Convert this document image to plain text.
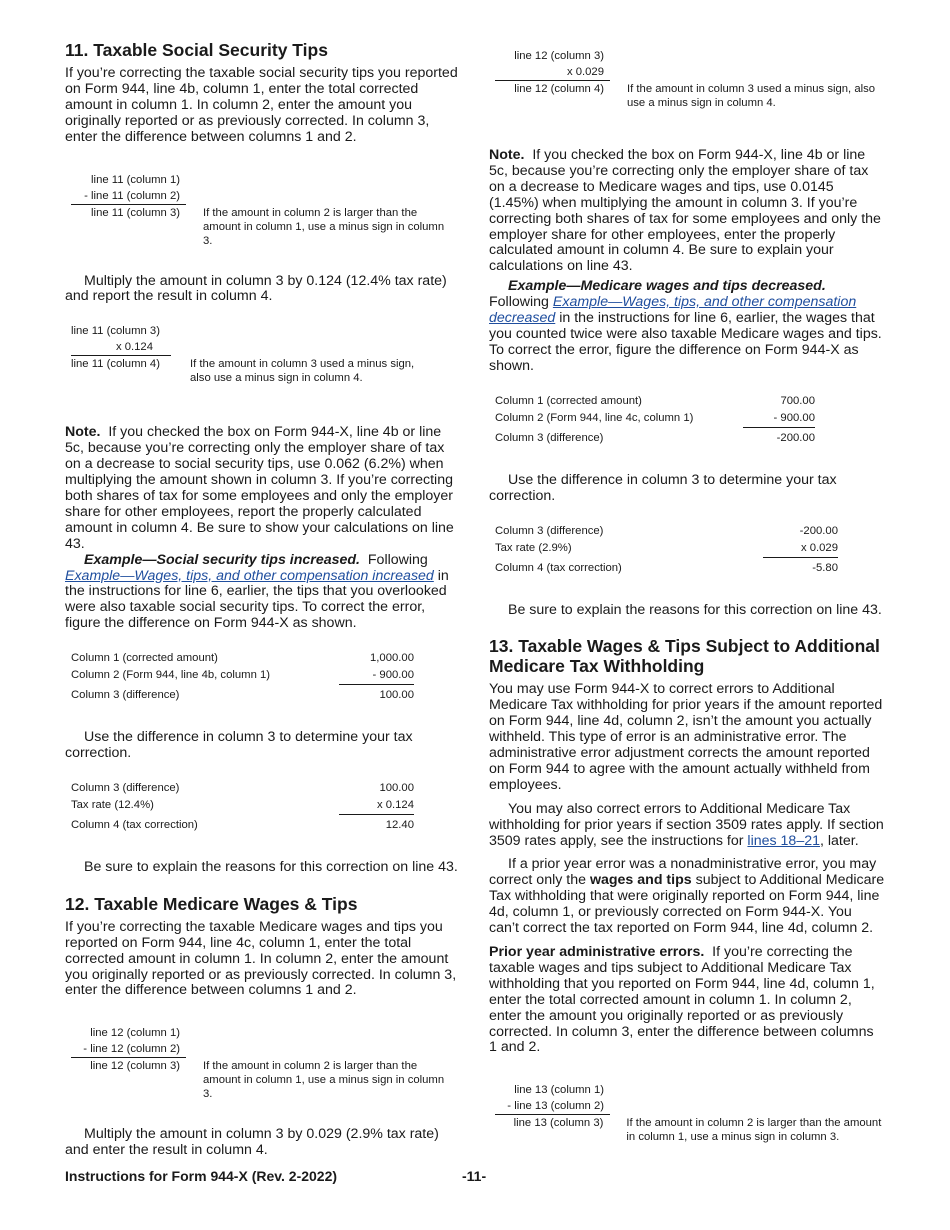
11. Taxable Social Security Tips

If you’re correcting the taxable social security tips you reported on Form 944, line 4b, column 1, enter the total corrected amount in column 1. In column 2, enter the amount you originally reported or as previously corrected. In column 3, enter the difference between columns 1 and 2.

line 11 (column 1)
- line 11 (column 2)
line 11 (column 3)	If the amount in column 2 is larger than the amount in column 1, use a minus sign in column 3.

Multiply the amount in column 3 by 0.124 (12.4% tax rate) and report the result in column 4.

line 11 (column 3)
x 0.124
line 11 (column 4)	If the amount in column 3 used a minus sign, also use a minus sign in column 4.

Note. If you checked the box on Form 944-X, line 4b or line 5c, because you’re correcting only the employer share of tax on a decrease to social security tips, use 0.062 (6.2%) when multiplying the amount shown in column 3. If you’re correcting both shares of tax for some employees and only the employer share for other employees, report the properly calculated amount in column 4. Be sure to show your calculations on line 43.

Example—Social security tips increased. Following Example—Wages, tips, and other compensation increased in the instructions for line 6, earlier, the tips that you overlooked were also taxable social security tips. To correct the error, figure the difference on Form 944-X as shown.

Column 1 (corrected amount)	1,000.00
Column 2 (Form 944, line 4b, column 1)	- 900.00
Column 3 (difference)	100.00

Use the difference in column 3 to determine your tax correction.

Column 3 (difference)	100.00
Tax rate (12.4%)	x 0.124
Column 4 (tax correction)	12.40

Be sure to explain the reasons for this correction on line 43.

12. Taxable Medicare Wages & Tips

If you’re correcting the taxable Medicare wages and tips you reported on Form 944, line 4c, column 1, enter the total corrected amount in column 1. In column 2, enter the amount you originally reported or as previously corrected. In column 3, enter the difference between columns 1 and 2.

line 12 (column 1)
- line 12 (column 2)
line 12 (column 3)	If the amount in column 2 is larger than the amount in column 1, use a minus sign in column 3.

Multiply the amount in column 3 by 0.029 (2.9% tax rate) and enter the result in column 4.

line 12 (column 3)
x 0.029
line 12 (column 4)	If the amount in column 3 used a minus sign, also use a minus sign in column 4.

Note. If you checked the box on Form 944-X, line 4b or line 5c, because you’re correcting only the employer share of tax on a decrease to Medicare wages and tips, use 0.0145 (1.45%) when multiplying the amount in column 3. If you’re correcting both shares of tax for some employees and only the employer share for other employees, enter the properly calculated amount in column 4. Be sure to explain your calculations on line 43.

Example—Medicare wages and tips decreased.
Following Example—Wages, tips, and other compensation decreased in the instructions for line 6, earlier, the wages that you counted twice were also taxable Medicare wages and tips. To correct the error, figure the difference on Form 944-X as shown.

Column 1 (corrected amount)	700.00
Column 2 (Form 944, line 4c, column 1)	- 900.00
Column 3 (difference)	-200.00

Use the difference in column 3 to determine your tax correction.

Column 3 (difference)	-200.00
Tax rate (2.9%)	x 0.029
Column 4 (tax correction)	-5.80

Be sure to explain the reasons for this correction on line 43.

13. Taxable Wages & Tips Subject to Additional Medicare Tax Withholding

You may use Form 944-X to correct errors to Additional Medicare Tax withholding for prior years if the amount reported on Form 944, line 4d, column 2, isn’t the amount you actually withheld. This type of error is an administrative error. The administrative error adjustment corrects the amount reported on Form 944 to agree with the amount actually withheld from employees.

You may also correct errors to Additional Medicare Tax withholding for prior years if section 3509 rates apply. If section 3509 rates apply, see the instructions for lines 18–21, later.

If a prior year error was a nonadministrative error, you may correct only the wages and tips subject to Additional Medicare Tax withholding that were originally reported on Form 944, line 4d, column 1, or previously corrected on Form 944-X. You can’t correct the tax reported on Form 944, line 4d, column 2.

Prior year administrative errors. If you’re correcting the taxable wages and tips subject to Additional Medicare Tax withholding that you reported on Form 944, line 4d, column 1, enter the total corrected amount in column 1. In column 2, enter the amount you originally reported or as previously corrected. In column 3, enter the difference between columns 1 and 2.

line 13 (column 1)
- line 13 (column 2)
line 13 (column 3)	If the amount in column 2 is larger than the amount in column 1, use a minus sign in column 3.
Instructions for Form 944-X (Rev. 2-2022)	-11-
